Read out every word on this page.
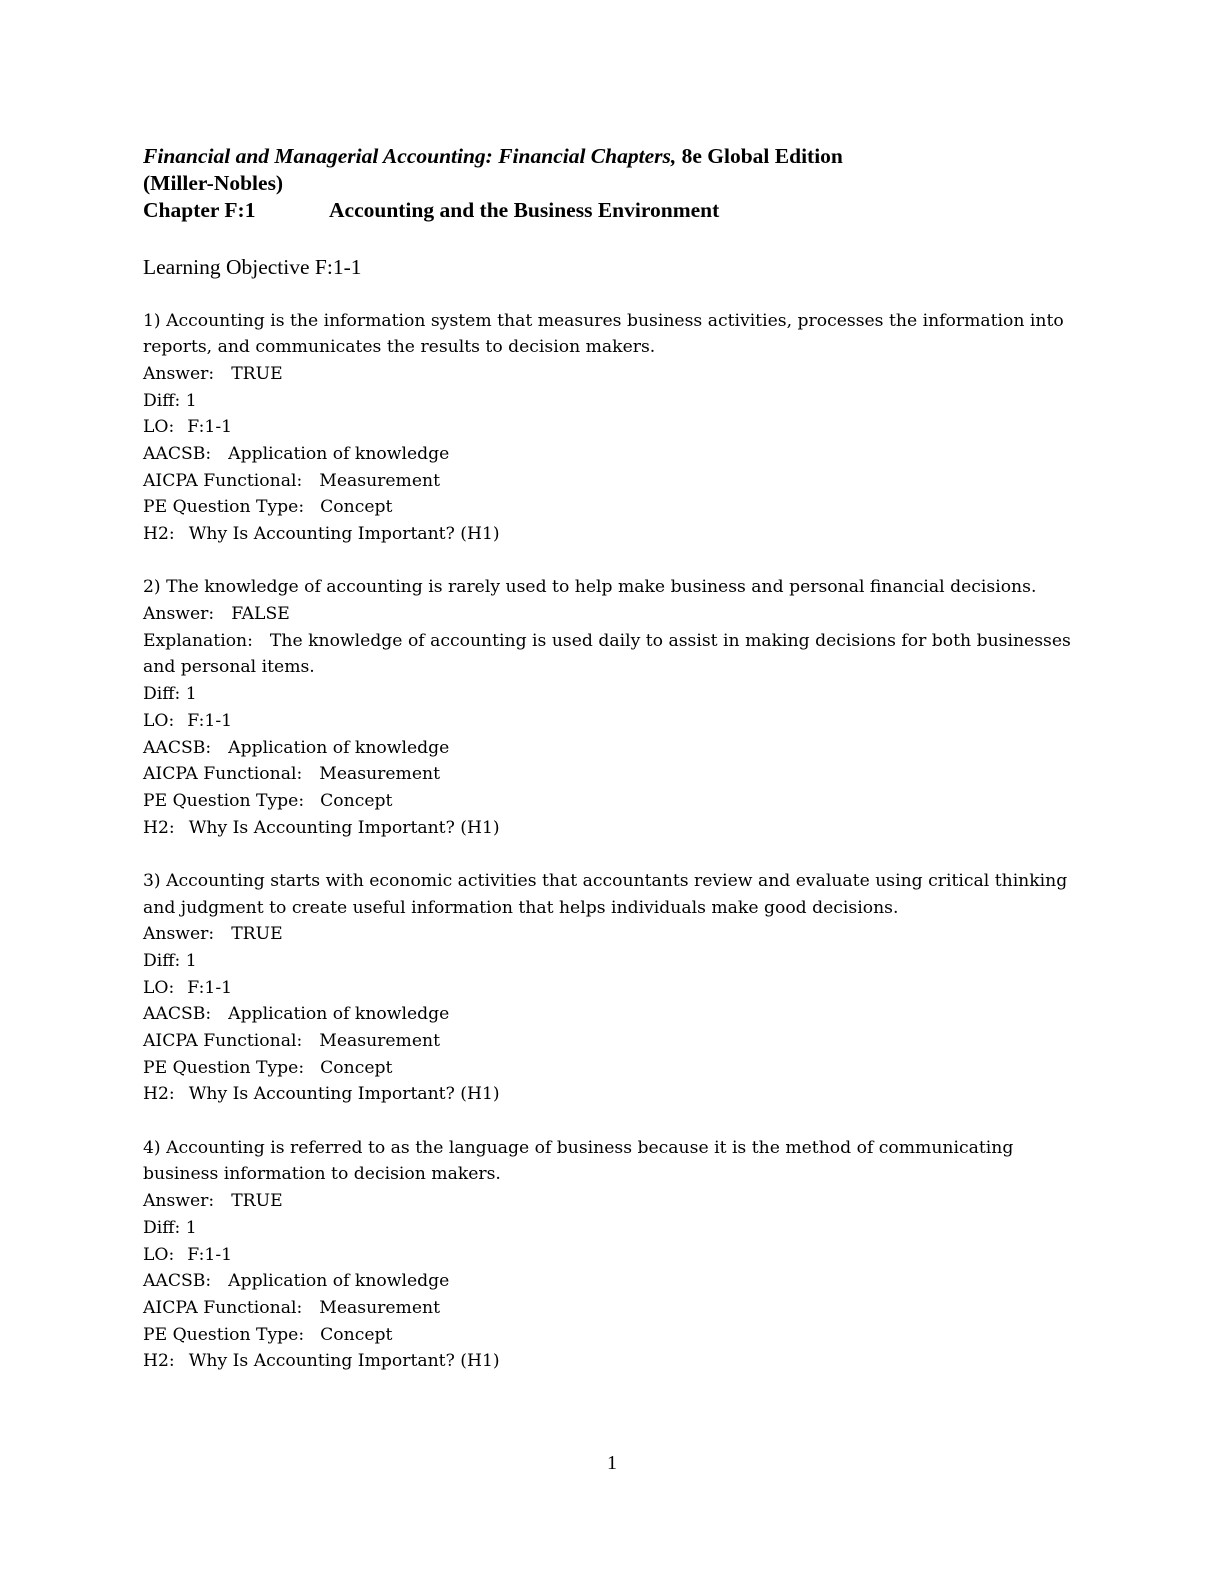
Financial and Managerial Accounting: Financial Chapters, 8e Global Edition
(Miller-Nobles)
Chapter F:1	Accounting and the Business Environment
Learning Objective F:1-1
1) Accounting is the information system that measures business activities, processes the information into
reports, and communicates the results to decision makers.
Answer: TRUE
Diff: 1
LO: F:1-1
AACSB: Application of knowledge
AICPA Functional: Measurement
PE Question Type: Concept
H2: Why Is Accounting Important? (H1)
2) The knowledge of accounting is rarely used to help make business and personal financial decisions.
Answer: FALSE
Explanation: The knowledge of accounting is used daily to assist in making decisions for both businesses
and personal items.
Diff: 1
LO: F:1-1
AACSB: Application of knowledge
AICPA Functional: Measurement
PE Question Type: Concept
H2: Why Is Accounting Important? (H1)
3) Accounting starts with economic activities that accountants review and evaluate using critical thinking
and judgment to create useful information that helps individuals make good decisions.
Answer: TRUE
Diff: 1
LO: F:1-1
AACSB: Application of knowledge
AICPA Functional: Measurement
PE Question Type: Concept
H2: Why Is Accounting Important? (H1)
4) Accounting is referred to as the language of business because it is the method of communicating
business information to decision makers.
Answer: TRUE
Diff: 1
LO: F:1-1
AACSB: Application of knowledge
AICPA Functional: Measurement
PE Question Type: Concept
H2: Why Is Accounting Important? (H1)
1
